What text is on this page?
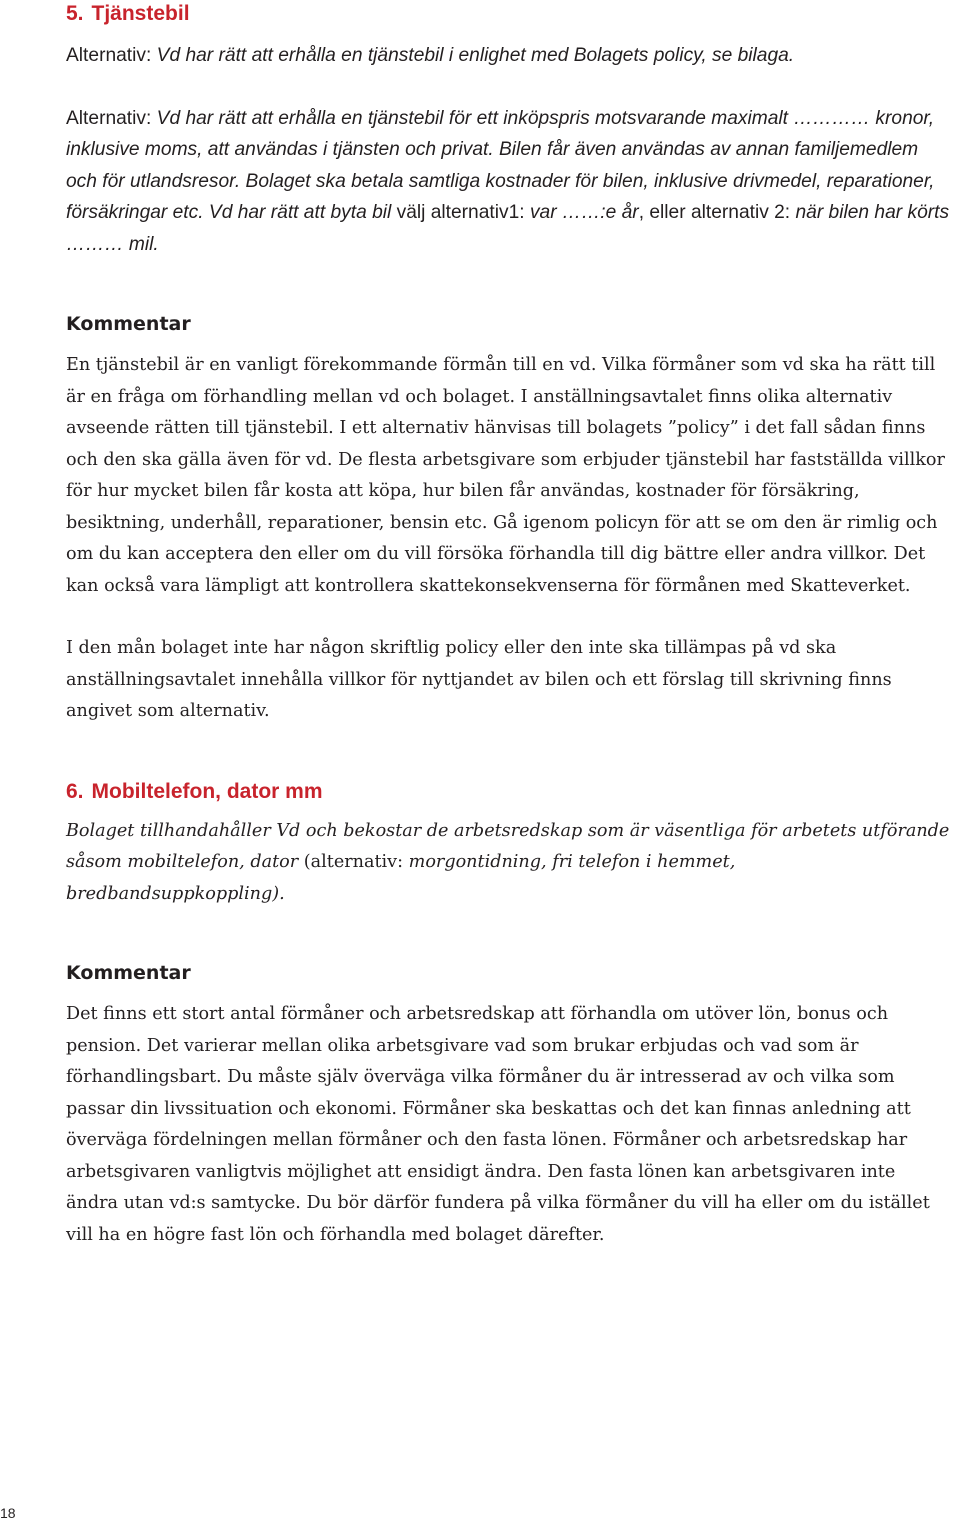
5. Tjänstebil

Alternativ: Vd har rätt att erhålla en tjänstebil i enlighet med Bolagets policy, se bilaga.

Alternativ: Vd har rätt att erhålla en tjänstebil för ett inköpspris motsvarande maximalt ………… kronor, inklusive moms, att användas i tjänsten och privat. Bilen får även användas av annan familjemedlem och för utlandsresor. Bolaget ska betala samtliga kostnader för bilen, inklusive drivmedel, reparationer, försäkringar etc. Vd har rätt att byta bil välj alternativ1: var ……:e år, eller alternativ 2: när bilen har körts ……… mil.

Kommentar

En tjänstebil är en vanligt förekommande förmån till en vd. Vilka förmåner som vd ska ha rätt till är en fråga om förhandling mellan vd och bolaget. I anställningsavtalet finns olika alternativ avseende rätten till tjänstebil. I ett alternativ hänvisas till bolagets ”policy” i det fall sådan finns och den ska gälla även för vd. De flesta arbetsgivare som erbjuder tjänstebil har fastställda villkor för hur mycket bilen får kosta att köpa, hur bilen får användas, kostnader för försäkring, besiktning, underhåll, reparationer, bensin etc. Gå igenom policyn för att se om den är rimlig och om du kan acceptera den eller om du vill försöka förhandla till dig bättre eller andra villkor. Det kan också vara lämpligt att kontrollera skattekonsekvenserna för förmånen med Skatteverket.

I den mån bolaget inte har någon skriftlig policy eller den inte ska tillämpas på vd ska anställningsavtalet innehålla villkor för nyttjandet av bilen och ett förslag till skrivning finns angivet som alternativ.

6. Mobiltelefon, dator mm

Bolaget tillhandahåller Vd och bekostar de arbetsredskap som är väsentliga för arbetets utförande såsom mobiltelefon, dator (alternativ: morgontidning, fri telefon i hemmet, bredbandsuppkoppling).

Kommentar

Det finns ett stort antal förmåner och arbetsredskap att förhandla om utöver lön, bonus och pension. Det varierar mellan olika arbetsgivare vad som brukar erbjudas och vad som är förhandlingsbart. Du måste själv överväga vilka förmåner du är intresserad av och vilka som passar din livssituation och ekonomi. Förmåner ska beskattas och det kan finnas anledning att överväga fördelningen mellan förmåner och den fasta lönen. Förmåner och arbetsredskap har arbetsgivaren vanligtvis möjlighet att ensidigt ändra. Den fasta lönen kan arbetsgivaren inte ändra utan vd:s samtycke. Du bör därför fundera på vilka förmåner du vill ha eller om du istället vill ha en högre fast lön och förhandla med bolaget därefter.

18
